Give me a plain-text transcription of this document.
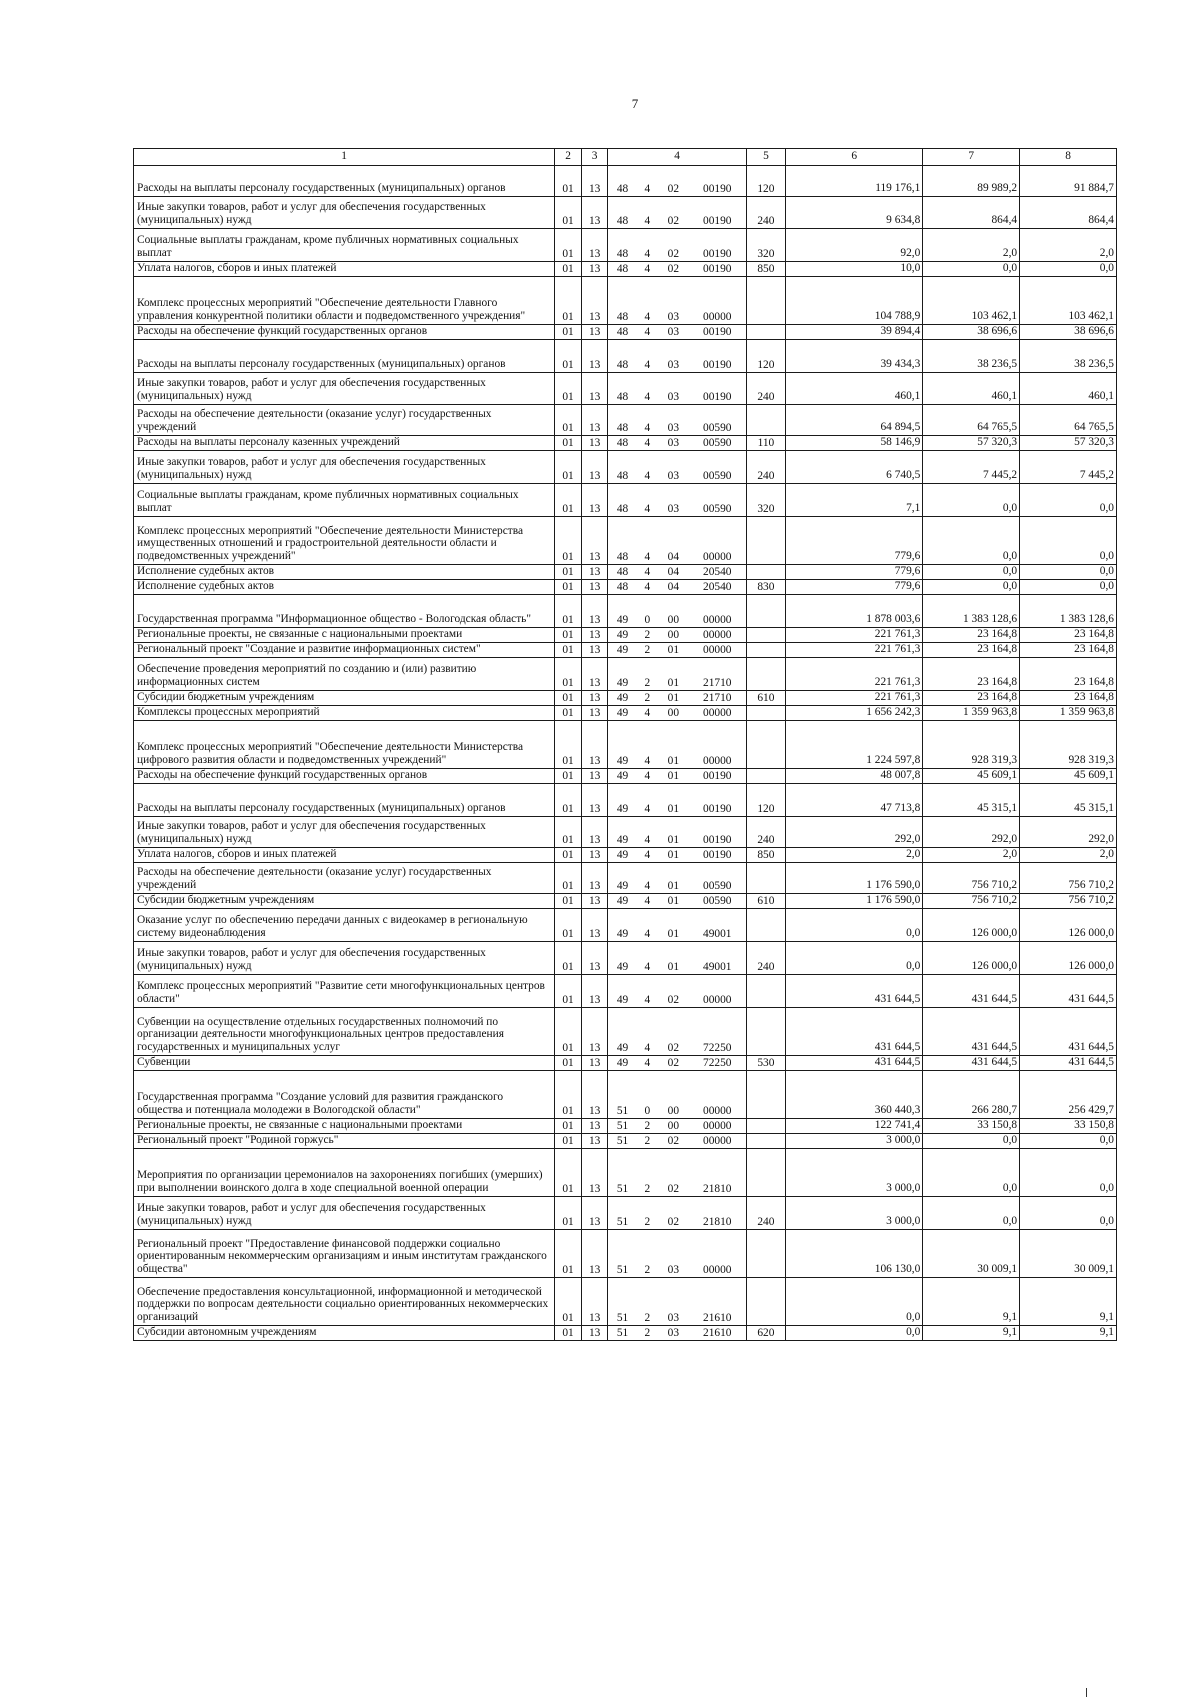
7
1	2	3	4				5	6	7	8
Расходы на выплаты персоналу государственных (муниципальных) органов	01	13	48	4	02	00190	120	119 176,1	89 989,2	91 884,7
Иные закупки товаров, работ и услуг для обеспечения государственных (муниципальных) нужд	01	13	48	4	02	00190	240	9 634,8	864,4	864,4
Социальные выплаты гражданам, кроме публичных нормативных социальных выплат	01	13	48	4	02	00190	320	92,0	2,0	2,0
Уплата налогов, сборов и иных платежей	01	13	48	4	02	00190	850	10,0	0,0	0,0
Комплекс процессных мероприятий "Обеспечение деятельности Главного управления конкурентной политики области и подведомственного учреждения"	01	13	48	4	03	00000		104 788,9	103 462,1	103 462,1
Расходы на обеспечение функций государственных органов	01	13	48	4	03	00190		39 894,4	38 696,6	38 696,6
Расходы на выплаты персоналу государственных (муниципальных) органов	01	13	48	4	03	00190	120	39 434,3	38 236,5	38 236,5
Иные закупки товаров, работ и услуг для обеспечения государственных (муниципальных) нужд	01	13	48	4	03	00190	240	460,1	460,1	460,1
Расходы на обеспечение деятельности (оказание услуг) государственных учреждений	01	13	48	4	03	00590		64 894,5	64 765,5	64 765,5
Расходы на выплаты персоналу казенных учреждений	01	13	48	4	03	00590	110	58 146,9	57 320,3	57 320,3
Иные закупки товаров, работ и услуг для обеспечения государственных (муниципальных) нужд	01	13	48	4	03	00590	240	6 740,5	7 445,2	7 445,2
Социальные выплаты гражданам, кроме публичных нормативных социальных выплат	01	13	48	4	03	00590	320	7,1	0,0	0,0
Комплекс процессных мероприятий "Обеспечение деятельности Министерства имущественных отношений и градостроительной деятельности области и подведомственных учреждений"	01	13	48	4	04	00000		779,6	0,0	0,0
Исполнение судебных актов	01	13	48	4	04	20540		779,6	0,0	0,0
Исполнение судебных актов	01	13	48	4	04	20540	830	779,6	0,0	0,0
Государственная программа "Информационное общество - Вологодская область"	01	13	49	0	00	00000		1 878 003,6	1 383 128,6	1 383 128,6
Региональные проекты, не связанные с национальными проектами	01	13	49	2	00	00000		221 761,3	23 164,8	23 164,8
Региональный проект "Создание и развитие информационных систем"	01	13	49	2	01	00000		221 761,3	23 164,8	23 164,8
Обеспечение проведения мероприятий по созданию и (или) развитию информационных систем	01	13	49	2	01	21710		221 761,3	23 164,8	23 164,8
Субсидии бюджетным учреждениям	01	13	49	2	01	21710	610	221 761,3	23 164,8	23 164,8
Комплексы процессных мероприятий	01	13	49	4	00	00000		1 656 242,3	1 359 963,8	1 359 963,8
Комплекс процессных мероприятий "Обеспечение деятельности Министерства цифрового развития области и подведомственных учреждений"	01	13	49	4	01	00000		1 224 597,8	928 319,3	928 319,3
Расходы на обеспечение функций государственных органов	01	13	49	4	01	00190		48 007,8	45 609,1	45 609,1
Расходы на выплаты персоналу государственных (муниципальных) органов	01	13	49	4	01	00190	120	47 713,8	45 315,1	45 315,1
Иные закупки товаров, работ и услуг для обеспечения государственных (муниципальных) нужд	01	13	49	4	01	00190	240	292,0	292,0	292,0
Уплата налогов, сборов и иных платежей	01	13	49	4	01	00190	850	2,0	2,0	2,0
Расходы на обеспечение деятельности (оказание услуг) государственных учреждений	01	13	49	4	01	00590		1 176 590,0	756 710,2	756 710,2
Субсидии бюджетным учреждениям	01	13	49	4	01	00590	610	1 176 590,0	756 710,2	756 710,2
Оказание услуг по обеспечению передачи данных с видеокамер в региональную систему видеонаблюдения	01	13	49	4	01	49001		0,0	126 000,0	126 000,0
Иные закупки товаров, работ и услуг для обеспечения государственных (муниципальных) нужд	01	13	49	4	01	49001	240	0,0	126 000,0	126 000,0
Комплекс процессных мероприятий "Развитие сети многофункциональных центров области"	01	13	49	4	02	00000		431 644,5	431 644,5	431 644,5
Субвенции на осуществление отдельных государственных полномочий по организации деятельности многофункциональных центров предоставления государственных и муниципальных услуг	01	13	49	4	02	72250		431 644,5	431 644,5	431 644,5
Субвенции	01	13	49	4	02	72250	530	431 644,5	431 644,5	431 644,5
Государственная программа "Создание условий для развития гражданского общества и потенциала молодежи в Вологодской области"	01	13	51	0	00	00000		360 440,3	266 280,7	256 429,7
Региональные проекты, не связанные с национальными проектами	01	13	51	2	00	00000		122 741,4	33 150,8	33 150,8
Региональный проект "Родиной горжусь"	01	13	51	2	02	00000		3 000,0	0,0	0,0
Мероприятия по организации церемониалов на захоронениях погибших (умерших) при выполнении воинского долга в ходе специальной военной операции	01	13	51	2	02	21810		3 000,0	0,0	0,0
Иные закупки товаров, работ и услуг для обеспечения государственных (муниципальных) нужд	01	13	51	2	02	21810	240	3 000,0	0,0	0,0
Региональный проект "Предоставление финансовой поддержки социально ориентированным некоммерческим организациям и иным институтам гражданского общества"	01	13	51	2	03	00000		106 130,0	30 009,1	30 009,1
Обеспечение предоставления консультационной, информационной и методической поддержки по вопросам деятельности социально ориентированных некоммерческих организаций	01	13	51	2	03	21610		0,0	9,1	9,1
Субсидии автономным учреждениям	01	13	51	2	03	21610	620	0,0	9,1	9,1
